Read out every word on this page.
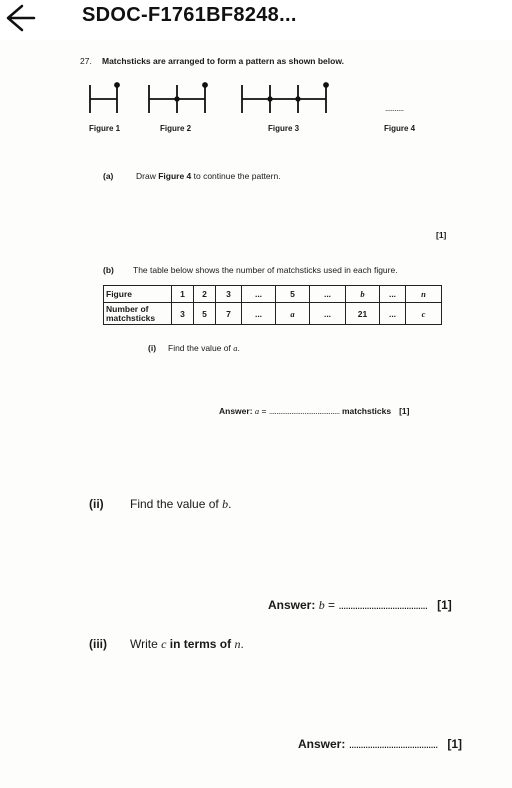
SDOC-F1761BF8248...
27. Matchsticks are arranged to form a pattern as shown below.
..........
Figure 1	Figure 2	Figure 3	Figure 4
(a)	Draw Figure 4 to continue the pattern.
[1]
(b) The table below shows the number of matchsticks used in each figure.
Figure	1	2	3	...	5	...	b	...	n
Number of matchsticks	3	5	7	...	a	...	21	...	c
(i) Find the value of a.
Answer: a = ...................................... matchsticks [1]
(ii) Find the value of b.
Answer: b = ...................................... [1]
(iii) Write c in terms of n.
Answer: ...................................... [1]
